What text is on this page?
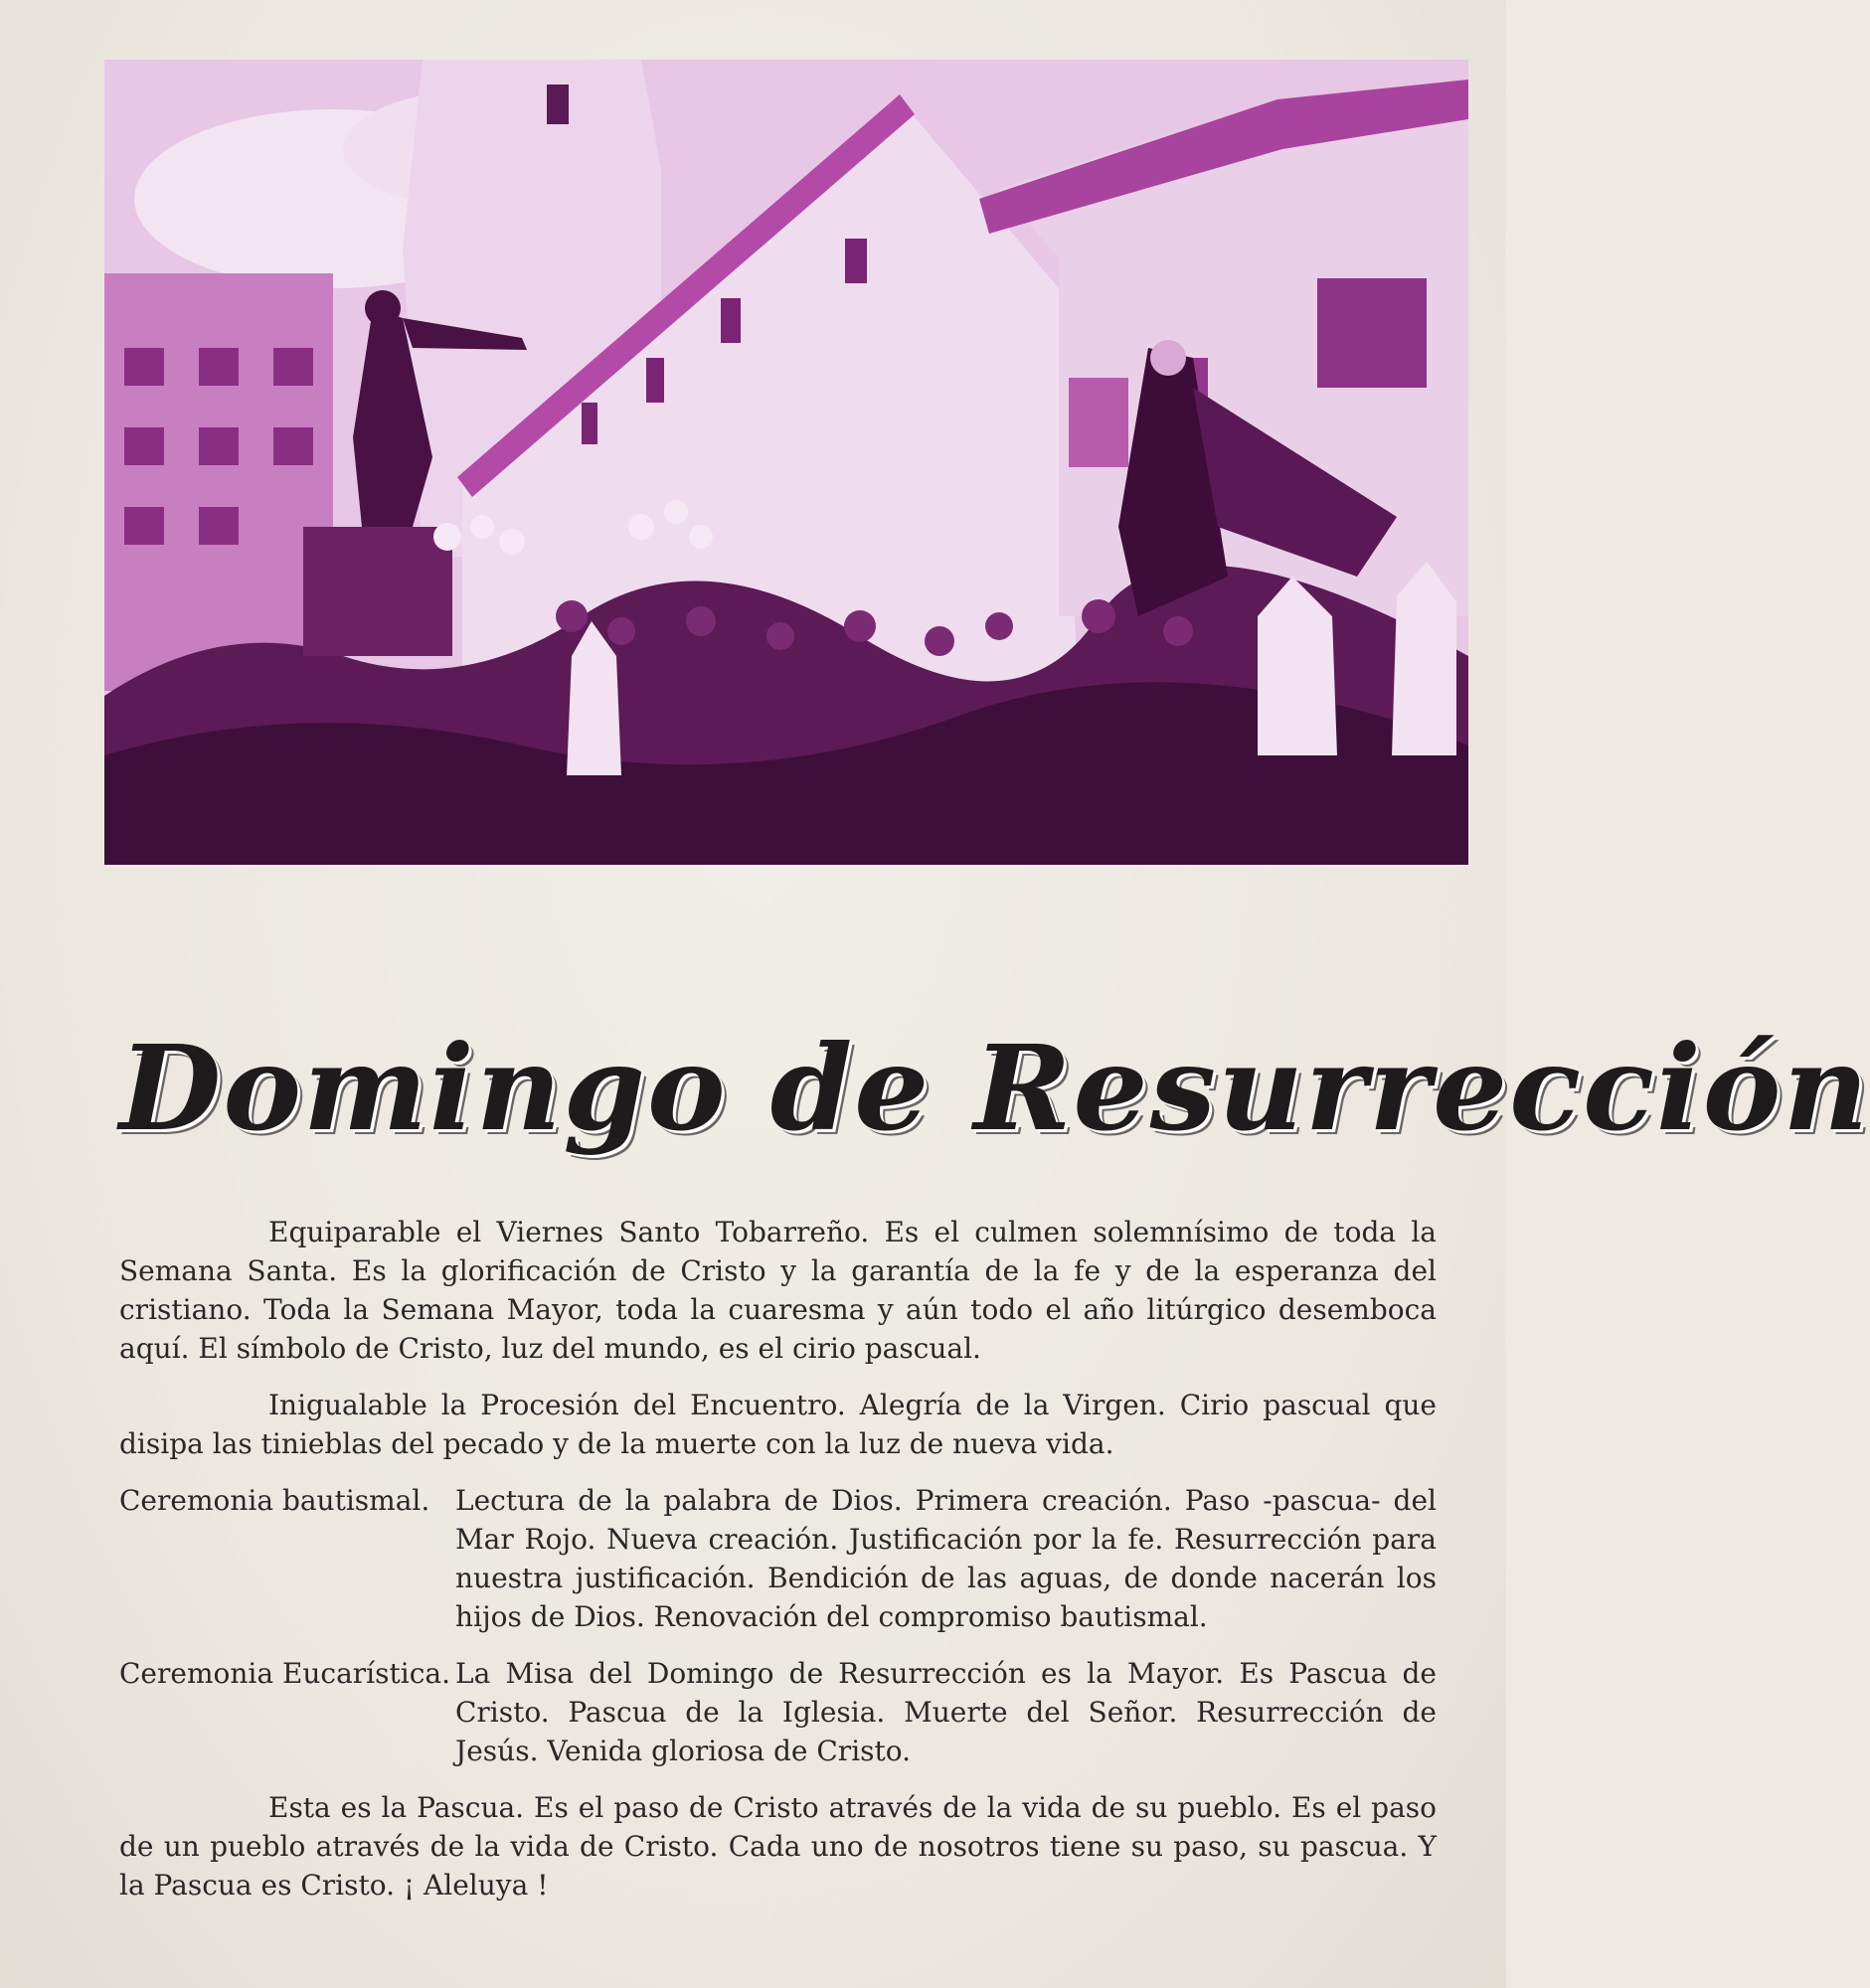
Domingo de Resurrección

Equiparable el Viernes Santo Tobarreño. Es el culmen solemnísimo de toda la Semana Santa. Es la glorificación de Cristo y la garantía de la fe y de la esperanza del cristiano. Toda la Semana Mayor, toda la cuaresma y aún todo el año litúrgico desemboca aquí. El símbolo de Cristo, luz del mundo, es el cirio pascual.

Inigualable la Procesión del Encuentro. Alegría de la Virgen. Cirio pascual que disipa las tinieblas del pecado y de la muerte con la luz de nueva vida.

Ceremonia bautismal. Lectura de la palabra de Dios. Primera creación. Paso -pascua- del Mar Rojo. Nueva creación. Justificación por la fe. Resurrección para nuestra justificación. Bendición de las aguas, de donde nacerán los hijos de Dios. Renovación del compromiso bautismal.
Ceremonia Eucarística. La Misa del Domingo de Resurrección es la Mayor. Es Pascua de Cristo. Pascua de la Iglesia. Muerte del Señor. Resurrección de Jesús. Venida gloriosa de Cristo.

Esta es la Pascua. Es el paso de Cristo através de la vida de su pueblo. Es el paso de un pueblo através de la vida de Cristo. Cada uno de nosotros tiene su paso, su pascua. Y la Pascua es Cristo. ¡ Aleluya !
